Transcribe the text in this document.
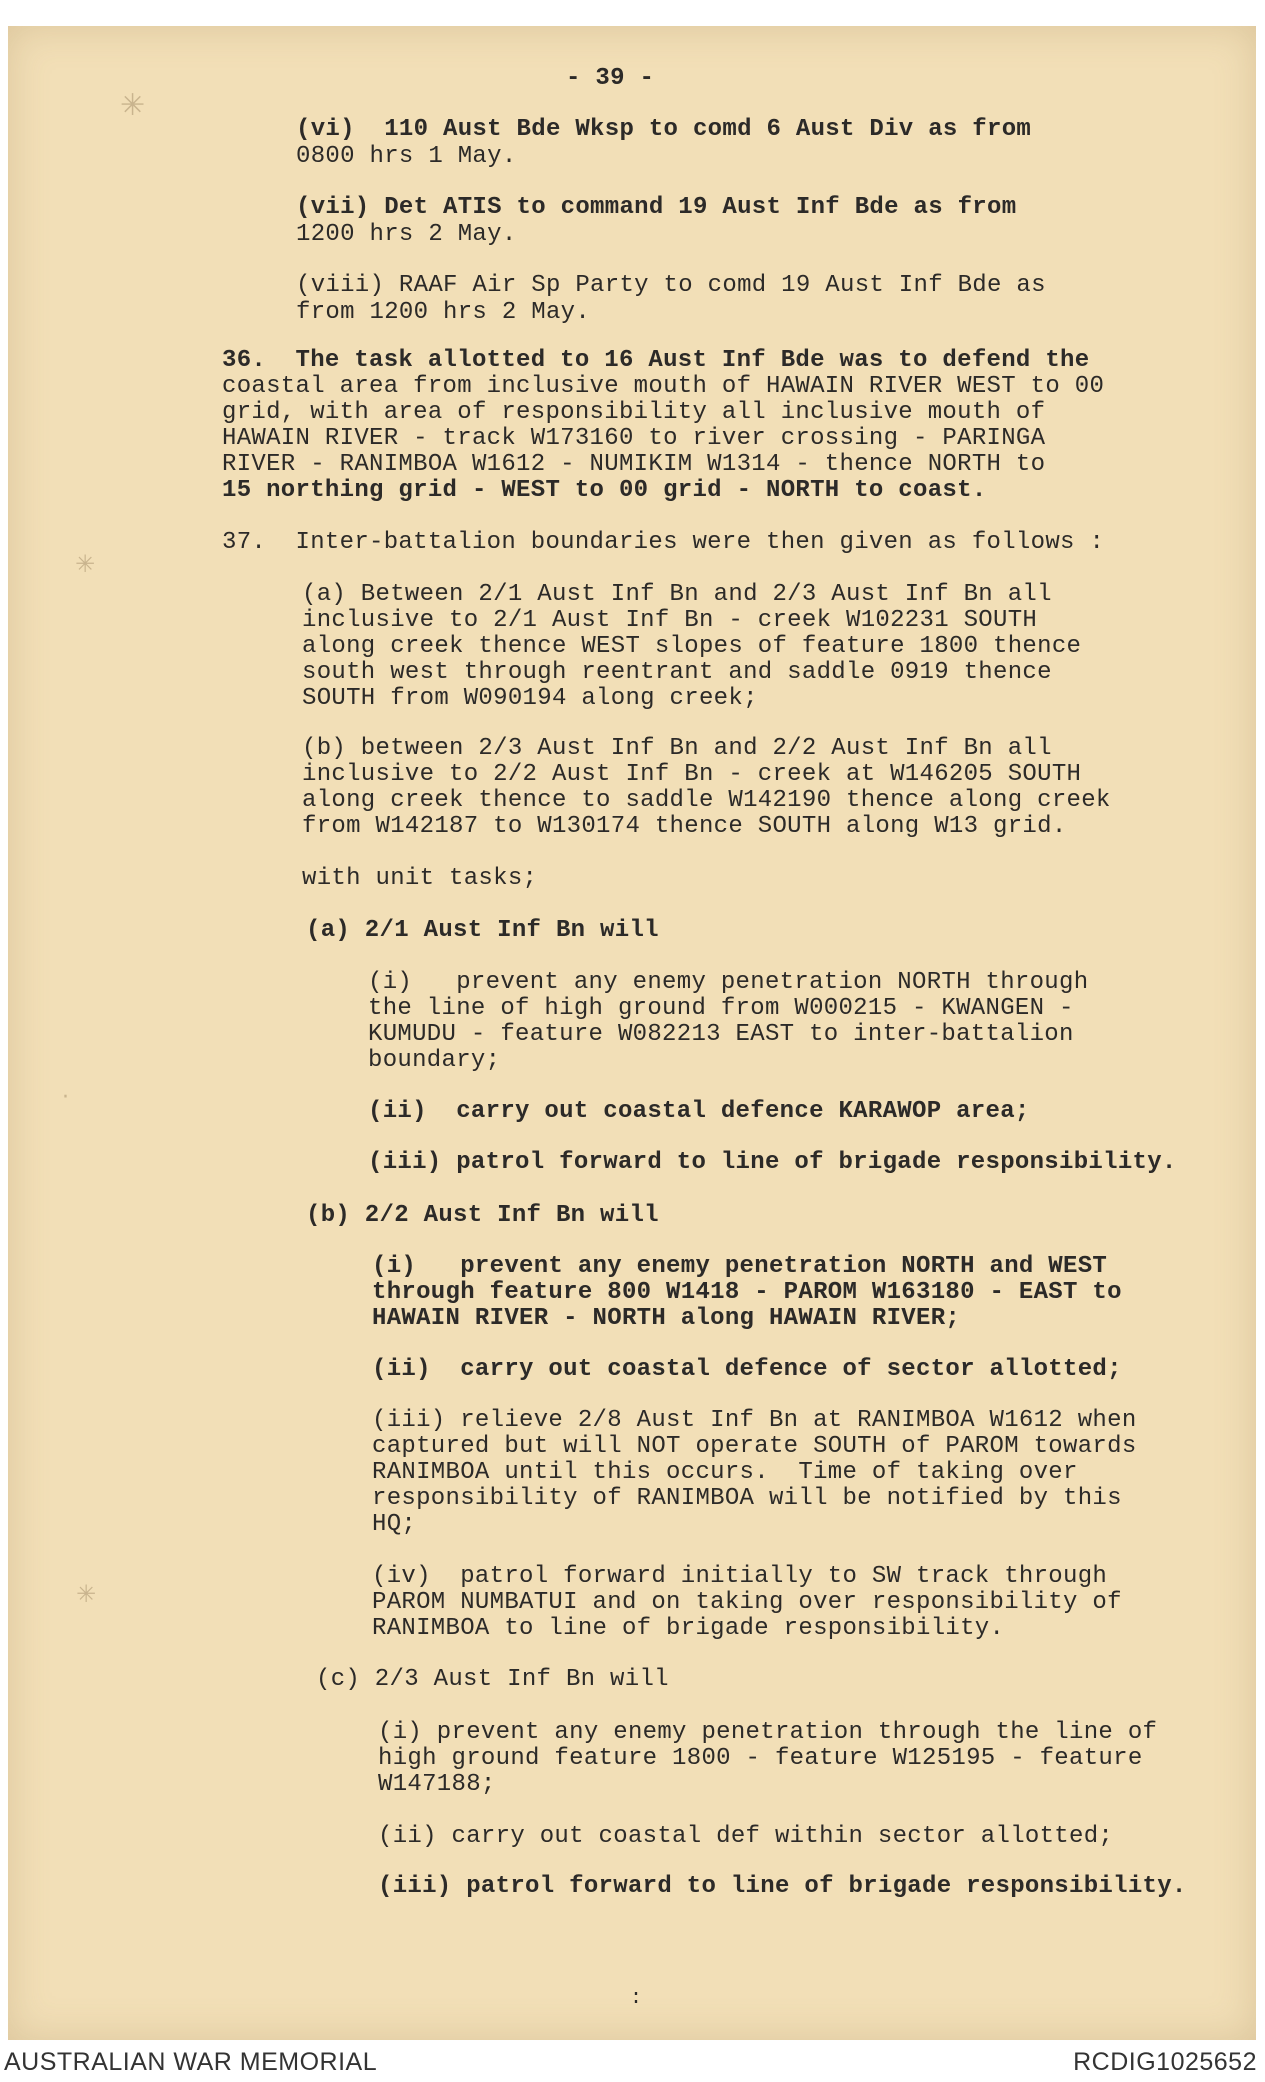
✳
✳
·
✳
- 39 -
(vi)  110 Aust Bde Wksp to comd 6 Aust Div as from
0800 hrs 1 May.
(vii) Det ATIS to command 19 Aust Inf Bde as from
1200 hrs 2 May.
(viii) RAAF Air Sp Party to comd 19 Aust Inf Bde as
from 1200 hrs 2 May.
36.  The task allotted to 16 Aust Inf Bde was to defend the
coastal area from inclusive mouth of HAWAIN RIVER WEST to 00
grid, with area of responsibility all inclusive mouth of
HAWAIN RIVER - track W173160 to river crossing - PARINGA
RIVER - RANIMBOA W1612 - NUMIKIM W1314 - thence NORTH to
15 northing grid - WEST to 00 grid - NORTH to coast.
37.  Inter-battalion boundaries were then given as follows :
(a) Between 2/1 Aust Inf Bn and 2/3 Aust Inf Bn all
inclusive to 2/1 Aust Inf Bn - creek W102231 SOUTH
along creek thence WEST slopes of feature 1800 thence
south west through reentrant and saddle 0919 thence
SOUTH from W090194 along creek;
(b) between 2/3 Aust Inf Bn and 2/2 Aust Inf Bn all
inclusive to 2/2 Aust Inf Bn - creek at W146205 SOUTH
along creek thence to saddle W142190 thence along creek
from W142187 to W130174 thence SOUTH along W13 grid.
with unit tasks;
(a) 2/1 Aust Inf Bn will
(i)   prevent any enemy penetration NORTH through
the line of high ground from W000215 - KWANGEN -
KUMUDU - feature W082213 EAST to inter-battalion
boundary;
(ii)  carry out coastal defence KARAWOP area;
(iii) patrol forward to line of brigade responsibility.
(b) 2/2 Aust Inf Bn will
(i)   prevent any enemy penetration NORTH and WEST
through feature 800 W1418 - PAROM W163180 - EAST to
HAWAIN RIVER - NORTH along HAWAIN RIVER;
(ii)  carry out coastal defence of sector allotted;
(iii) relieve 2/8 Aust Inf Bn at RANIMBOA W1612 when
captured but will NOT operate SOUTH of PAROM towards
RANIMBOA until this occurs.  Time of taking over
responsibility of RANIMBOA will be notified by this
HQ;
(iv)  patrol forward initially to SW track through
PAROM NUMBATUI and on taking over responsibility of
RANIMBOA to line of brigade responsibility.
(c) 2/3 Aust Inf Bn will
(i) prevent any enemy penetration through the line of
high ground feature 1800 - feature W125195 - feature
W147188;
(ii) carry out coastal def within sector allotted;
(iii) patrol forward to line of brigade responsibility.
:
AUSTRALIAN WAR MEMORIAL	RCDIG1025652
